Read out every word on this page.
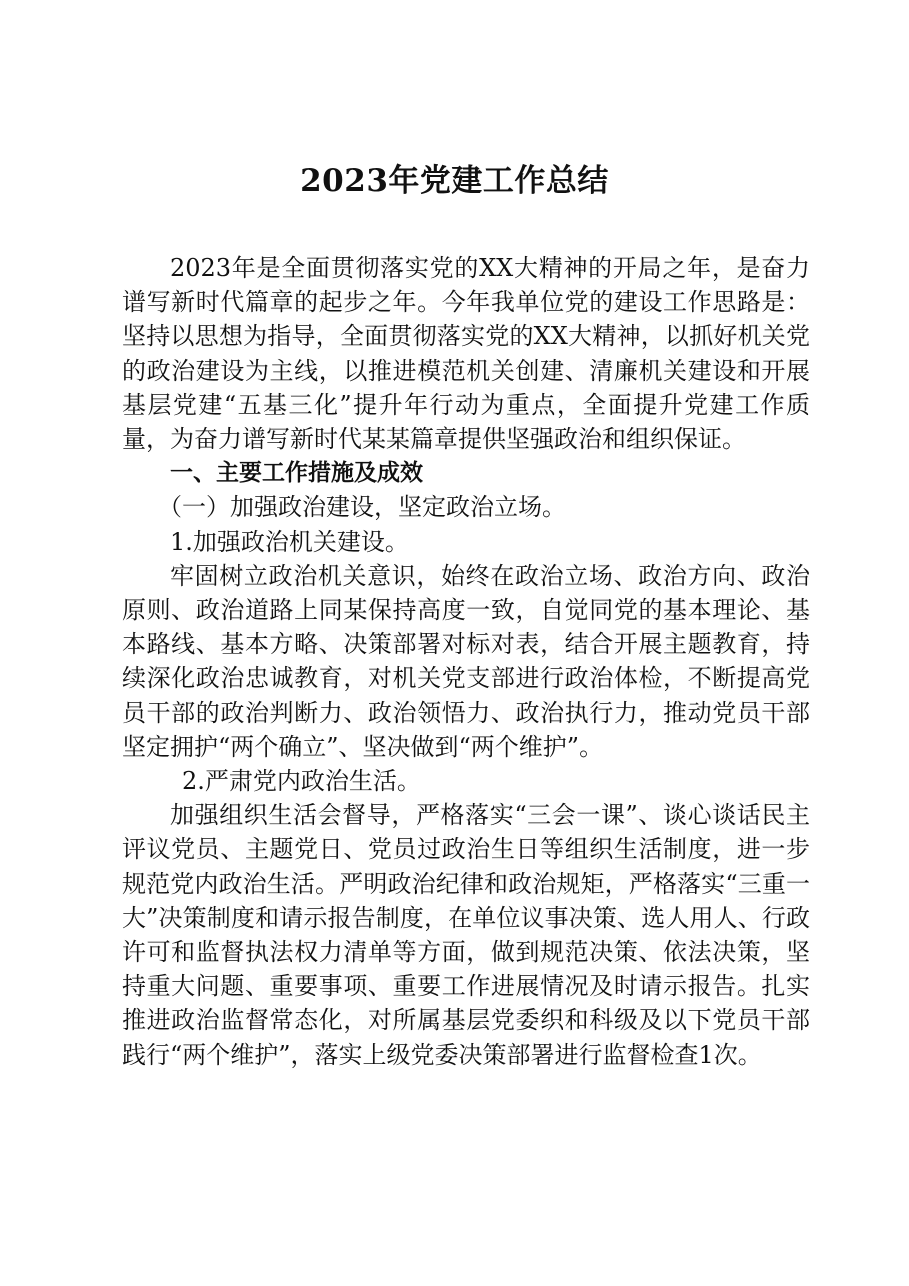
2023年党建工作总结

2023年是全面贯彻落实党的XX大精神的开局之年，是奋力谱写新时代篇章的起步之年。今年我单位党的建设工作思路是：坚持以思想为指导，全面贯彻落实党的XX大精神，以抓好机关党的政治建设为主线，以推进模范机关创建、清廉机关建设和开展基层党建“五基三化”提升年行动为重点，全面提升党建工作质量，为奋力谱写新时代某某篇章提供坚强政治和组织保证。

一、主要工作措施及成效

（一）加强政治建设，坚定政治立场。

1.加强政治机关建设。

牢固树立政治机关意识，始终在政治立场、政治方向、政治原则、政治道路上同某保持高度一致，自觉同党的基本理论、基本路线、基本方略、决策部署对标对表，结合开展主题教育，持续深化政治忠诚教育，对机关党支部进行政治体检，不断提高党员干部的政治判断力、政治领悟力、政治执行力，推动党员干部坚定拥护“两个确立”、坚决做到“两个维护”。

2.严肃党内政治生活。

加强组织生活会督导，严格落实“三会一课”、谈心谈话民主评议党员、主题党日、党员过政治生日等组织生活制度，进一步规范党内政治生活。严明政治纪律和政治规矩，严格落实“三重一大”决策制度和请示报告制度，在单位议事决策、选人用人、行政许可和监督执法权力清单等方面，做到规范决策、依法决策，坚持重大问题、重要事项、重要工作进展情况及时请示报告。扎实推进政治监督常态化，对所属基层党委织和科级及以下党员干部践行“两个维护”，落实上级党委决策部署进行监督检查1次。
